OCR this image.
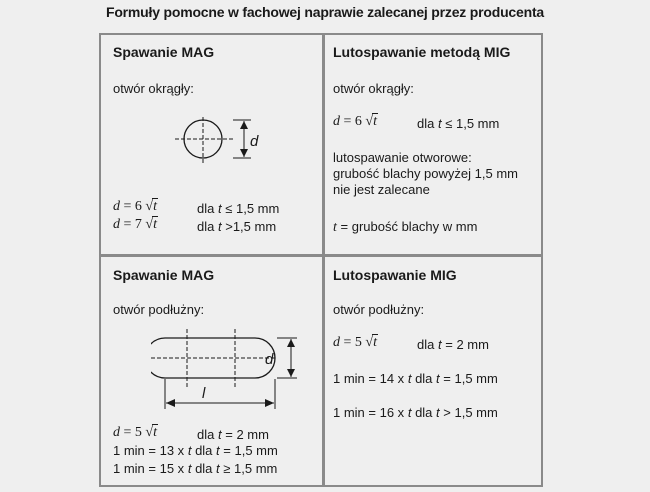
Formuły pomocne w fachowej naprawie zalecanej przez producenta
Spawanie MAG
otwór okrągły:
d
d = 6 √t	dla t ≤ 1,5 mm
d = 7 √t	dla t >1,5 mm
Lutospawanie metodą MIG
otwór okrągły:
d = 6 √t	dla t ≤ 1,5 mm
lutospawanie otworowe:
grubość blachy powyżej 1,5 mm
nie jest zalecane
t = grubość blachy w mm
Spawanie MAG
otwór podłużny:
d
l
d = 5 √t	dla t = 2 mm
1 min = 13 x t dla t = 1,5 mm
1 min = 15 x t dla t ≥ 1,5 mm
Lutospawanie MIG
otwór podłużny:
d = 5 √t	dla t = 2 mm
1 min = 14 x t dla t = 1,5 mm
1 min = 16 x t dla t > 1,5 mm
